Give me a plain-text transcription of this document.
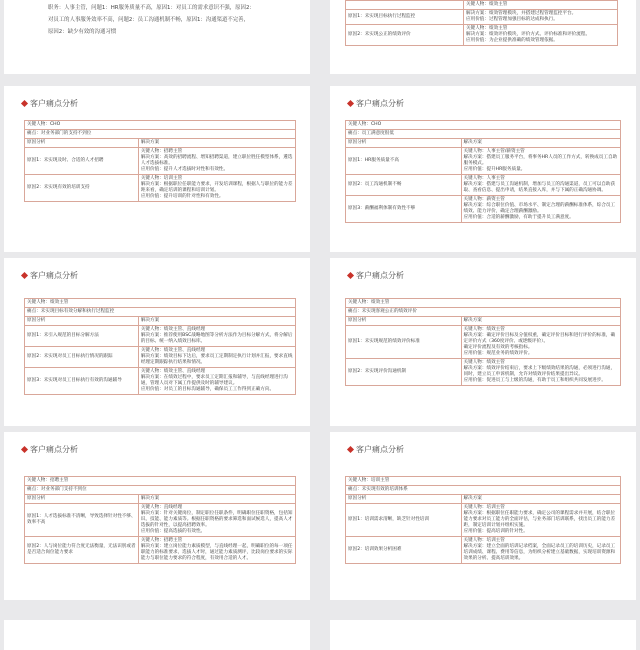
职务：人事主管，问题1：HR服务质量不高，原因1：对员工的需求意识不强，原因2：
对员工的人事服务效率不高，问题2：员工沟通机制不畅，原因1：沟通渠道不完善，
原因2：缺少有效的沟通习惯
	关键人物：绩效主管
原因1：未实现目标执行过程监控	解决方案：绩效管理模块，并搭建过程管理监控平台。
应用价值：过程管理加强目标的达成和执行。
原因2：未实现公正的绩效评价	关键人物：绩效主管
解决方案：绩效评价模块，评价方式、评价标准和评价流程。
应用价值：为企业提供准确的绩效管理依据。
客户痛点分析
关键人物：CHO	
痛点：对业务部门的支持不到位	
原因分析	解决方案
原因1：未实现及时、合适的人才招聘	关键人物：招聘主管
解决方案：高效的招聘流程、增知招聘渠道，建立职位胜任模型体系，遴选人才选拔标准。
应用价值：提升人才选拔时对性和有效性。
原因2：未实现有效的培训支持	关键人物：培训主管
解决方案：根据职位任职能力要求，开发培训课程，根据人与职位的能力差距来看，确定培训的课程和培训计划。
应用价值：提升培训的针对性和有效性。
客户痛点分析
关键人物：CHO	
痛点：员工满意度很低	
原因分析	解决方案
原因1：HR服务质量不高	关键人物：人事主管/薪资主管
解决方案：搭建员工服务平台，将事务HR人员的工作方式，转换成员工自助服务模式。
应用价值：提升HR服务质量。
原因2：员工沟通机制不畅	关键人物：人事主管
解决方案：搭建与员工沟通机制，增加与员工的沟通渠道，员工可以自助获取、查看信息、提出申请，结果直接入库，并与下属的正确沟通协调。
原因3：薪酬福利体制有效性不够	关键人物：薪资主管
解决方案：综合职位价值、市场水平、制定合理的薪酬标准体系，综合员工绩效、能力评价，确定合理薪酬激励。
应用价值：合适的薪酬激励，有助于提升员工满意度。
客户痛点分析
关键人物：绩效主管	
痛点：未实现目标有效分解和执行过程监控	
原因分析	解决方案
原因1：未引入规范的目标分解方法	关键人物：绩效主管、直线经理
解决方案：推荐使用BSC战略地图等分析方法作为目标分解方式，将分解后的目标、统一纳入绩效目标库。
原因2：未实现对员工目标执行情况的跟踪	关键人物：绩效主管、直线经理
解决方案：绩效目标下达后，要求员工定期制定执行计划并汇报，要求直线经理定期跟踪执行结果和情况。
原因3：未实现对员工目标执行有效的沟通辅导	关键人物：绩效主管、直线经理
解决方案：在绩效过程中，要求员工定期汇报和辅导，与直线经理进行沟通，管理人员对下属工作提供及时的辅导建议。
应用价值：对员工的目标沟通辅导，确保员工工作得到正确方向。
客户痛点分析
关键人物：绩效主管	
痛点：未实现客观公正的绩效评价	
原因分析	解决方案
原因1：未实现规范的绩效评价标准	关键人物：绩效主管
解决方案：确定评价目标及分值权重，确定评价目标和进行评价的标准，确定评价方式（360度评价、或逐级评价）。
确定评价流程及有效的考核指标。
应用价值：规范业务的绩效评价。
原因2：未实现评价沟通机制	关键人物：绩效主管
解决方案：绩效评价结束后，要求上下级绩效结果的沟通，必须进行沟通，同时，建立员工申诉机制，允许对绩效评价结果提出异议。
应用价值：促进员工与上级的沟通，有助于员工和组织共同发展进步。
客户痛点分析
关键人物：招聘主管	
痛点：对业务部门支持不到位	
原因分析	解决方案
原因1：人才选拔标准不清晰，导致选择针对性不够、效率不高	关键人物：直线经理
解决方案：针对关键岗位，制定职位任职条件，明确职位任职资格，包括知识、技能、能力素质等。根据任职资格的要求筛选和面试候选人，提高人才选拔的针对性，以提高招聘效率。
应用价值：提高选拔的有效性。
原因2：人与岗位能力符合度无法衡量，无法识别或者是否适合岗位能力要求	关键人物：招聘主管
解决方案：建立岗位能力素质模型，与直线经理一起，明确职位的每一项任职能力的标准要求，选拔人才时，通过能力素质测评，比较岗位要求的实际能力与职位能力要求的符合程度，有效用合适的人才。
客户痛点分析
关键人物：培训主管	
痛点：未实现有效的培训体系	
原因分析	解决方案
原因1：培训需求清晰，缺乏针对性培训	关键人物：培训主管
解决方案：根据职位任职能力要求，确定公司的课程需求并开展，结合职位能力要求对员工能力的全面评估，与业务部门培训联系，找出员工的能力差距，制定培训计划并组织实施。
应用价值：提高培训的针对性。
原因2：培训效果分析困难	关键人物：培训主管
解决方案：建立全面的培训记录档案，全面记录员工的培训历史，记录员工培训成绩、课程、费用等信息，为组织分析建立基础数据，实现培训资源和效果的分析、提高培训效果。
